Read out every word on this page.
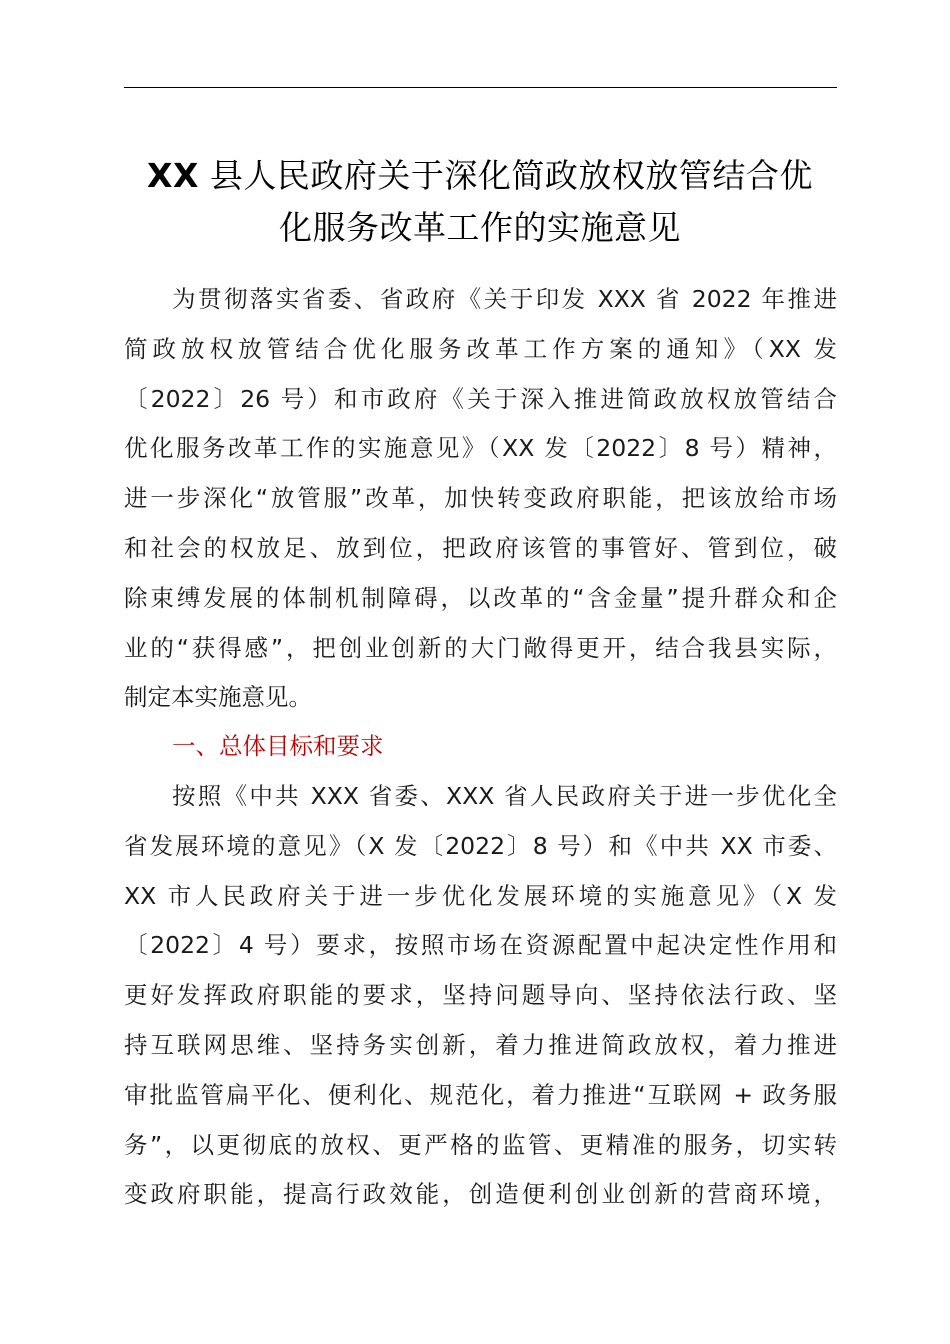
XX 县人民政府关于深化简政放权放管结合优
化服务改革工作的实施意见
为贯彻落实省委、省政府《关于印发 XXX 省 2022 年推进
简政放权放管结合优化服务改革工作方案的通知》（XX 发
〔2022〕26 号）和市政府《关于深入推进简政放权放管结合
优化服务改革工作的实施意见》（XX 发〔2022〕8 号）精神，
进一步深化“放管服”改革，加快转变政府职能，把该放给市场
和社会的权放足、放到位，把政府该管的事管好、管到位，破
除束缚发展的体制机制障碍，以改革的“含金量”提升群众和企
业的“获得感”，把创业创新的大门敞得更开，结合我县实际，
制定本实施意见。
一、总体目标和要求
按照《中共 XXX 省委、XXX 省人民政府关于进一步优化全
省发展环境的意见》（X 发〔2022〕8 号）和《中共 XX 市委、
XX 市人民政府关于进一步优化发展环境的实施意见》（X 发
〔2022〕4 号）要求，按照市场在资源配置中起决定性作用和
更好发挥政府职能的要求，坚持问题导向、坚持依法行政、坚
持互联网思维、坚持务实创新，着力推进简政放权，着力推进
审批监管扁平化、便利化、规范化，着力推进“互联网 + 政务服
务”，以更彻底的放权、更严格的监管、更精准的服务，切实转
变政府职能，提高行政效能，创造便利创业创新的营商环境，
